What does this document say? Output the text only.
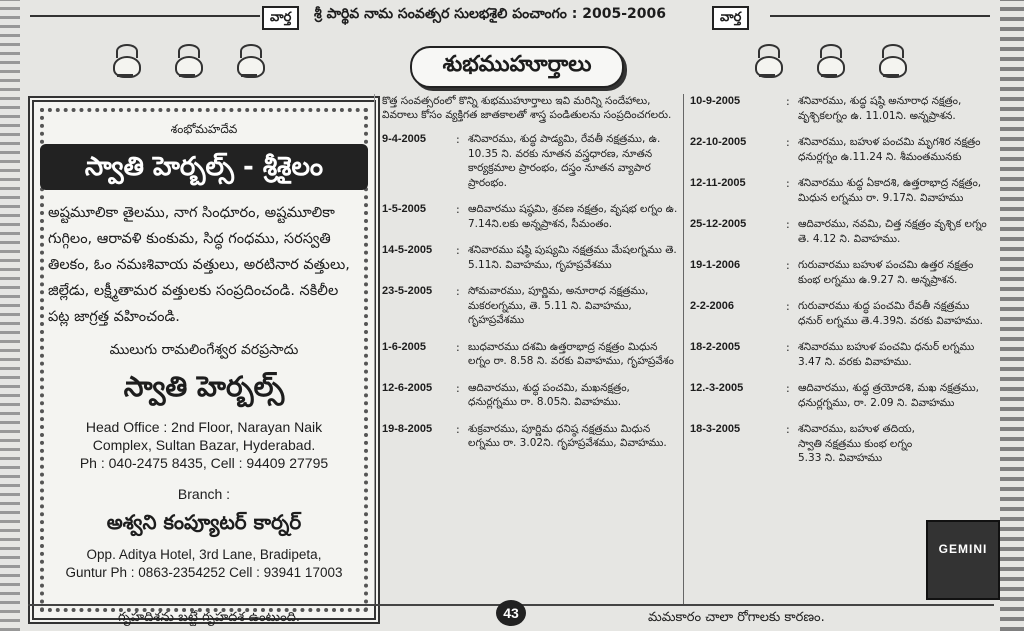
వార్త	శ్రీ పార్థివ నామ సంవత్సర సులభశైలి పంచాంగం : 2005-2006	వార్త
శుభముహూర్తాలు
శంభోమహదేవ
స్వాతి హెర్బల్స్ - శ్రీశైలం
అష్టమూలికా తైలము, నాగ సింధూరం, అష్టమూలికా గుగ్గిలం, ఆరావళి కుంకుమ, సిద్ధ గంధము, సరస్వతి తిలకం, ఓం నమఃశివాయ వత్తులు, అరటినార వత్తులు, జిల్లేడు, లక్ష్మీతామర వత్తులకు సంప్రదించండి. నకిలీల పట్ల జాగ్రత్త వహించండి.
ములుగు రామలింగేశ్వర వరప్రసాదు
స్వాతి హెర్బల్స్
Head Office : 2nd Floor, Narayan Naik
Complex, Sultan Bazar, Hyderabad.
Ph : 040-2475 8435, Cell : 94409 27795
Branch :
అశ్వని కంప్యూటర్ కార్నర్
Opp. Aditya Hotel, 3rd Lane, Bradipeta,
Guntur Ph : 0863-2354252 Cell : 93941 17003
కొత్త సంవత్సరంలో కొన్ని శుభముహూర్తాలు ఇవి మరిన్ని సందేహాలు, వివరాలు కోసం వ్యక్తిగత జాతకాలతో శాస్త్ర పండితులను సంప్రదించగలరు.
9-4-2005	: శనివారము, శుద్ధ పాడ్యమి, రేవతీ నక్షత్రము, ఉ. 10.35 ని. వరకు నూతన వస్త్రధారణ, నూతన కార్యక్రమాల ప్రారంభం, దస్త్రం నూతన వ్యాపార ప్రారంభం.
1-5-2005	: ఆదివారము షష్ఠమి, శ్రవణ నక్షత్రం, వృషభ లగ్నం ఉ. 7.14ని.లకు అన్నప్రాశన, సీమంతం.
14-5-2005	: శనివారము షష్ఠి పుష్యమి నక్షత్రము మేషలగ్నము తె. 5.11ని. వివాహము, గృహప్రవేశము
23-5-2005	: సోమవారము, పూర్ణిమ, అనూరాధ నక్షత్రము, మకరలగ్నము, తె. 5.11 ని. వివాహము, గృహప్రవేశము
1-6-2005	: బుధవారము దశమి ఉత్తరాభాద్ర నక్షత్రం మిధున లగ్నం రా. 8.58 ని. వరకు వివాహము, గృహప్రవేశం
12-6-2005	: ఆదివారము, శుద్ధ పంచమి, మఖనక్షత్రం, ధనుర్లగ్నము రా. 8.05ని. వివాహము.
19-8-2005	: శుక్రవారము, పూర్ణిమ ధనిష్ఠ నక్షత్రము మిధున లగ్నము రా. 3.02ని. గృహప్రవేశము, వివాహము.
10-9-2005	: శనివారము, శుద్ధ షష్ఠి అనూరాధ నక్షత్రం, వృశ్చికలగ్నం ఉ. 11.01ని. అన్నప్రాశన.
22-10-2005	: శనివారము, బహుళ పంచమి మృగశిర నక్షత్రం ధనుర్లగ్నం ఉ.11.24 ని. శీమంతమునకు
12-11-2005	: శనివారము శుద్ధ ఏకాదశి, ఉత్తరాభాద్ర నక్షత్రం, మిధున లగ్నము రా. 9.17ని. వివాహము
25-12-2005	: ఆదివారము, నవమి, చిత్త నక్షత్రం వృశ్చిక లగ్నం తె. 4.12 ని. వివాహము.
19-1-2006	: గురువారము బహుళ పంచమి ఉత్తర నక్షత్రం కుంభ లగ్నము ఉ.9.27 ని. అన్నప్రాశన.
2-2-2006	: గురువారము శుద్ధ పంచమి రేవతీ నక్షత్రము ధనుర్ లగ్నము తె.4.39ని. వరకు వివాహము.
18-2-2005	: శనివారము బహుళ పంచమి ధనుర్ లగ్నము 3.47 ని. వరకు వివాహము.
12.-3-2005	: ఆదివారము, శుద్ధ త్రయోదశి, మఖ నక్షత్రము, ధనుర్లగ్నము, రా. 2.09 ని. వివాహము
18-3-2005	: శనివారము, బహుళ తదియ, స్వాతి నక్షత్రము కుంభ లగ్నం 5.33 ని. వివాహము
GEMINI
గృహదిశను బట్టే గృహదశ ఉంటుంది.	మమకారం చాలా రోగాలకు కారణం.
43
